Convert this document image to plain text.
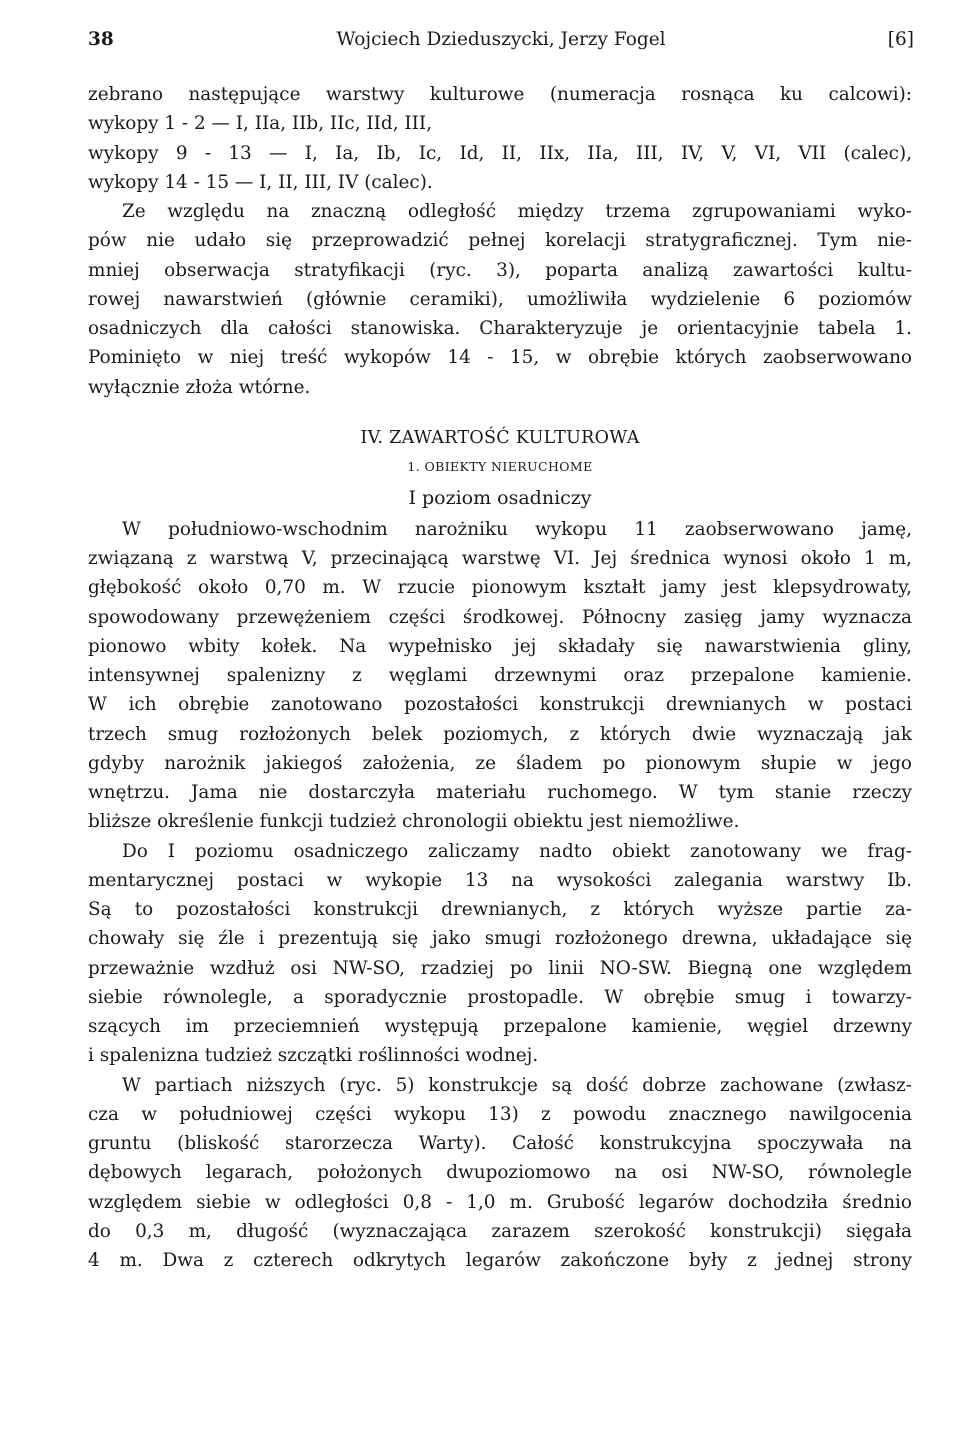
38	Wojciech Dzieduszycki, Jerzy Fogel	[6]
zebrano następujące warstwy kulturowe (numeracja rosnąca ku calcowi):
wykopy 1 - 2 — I, IIa, IIb, IIc, IId, III,
wykopy 9 - 13 — I, Ia, Ib, Ic, Id, II, IIx, IIa, III, IV, V, VI, VII (calec),
wykopy 14 - 15 — I, II, III, IV (calec).
Ze względu na znaczną odległość między trzema zgrupowaniami wyko-
pów nie udało się przeprowadzić pełnej korelacji stratygraficznej. Tym nie-
mniej obserwacja stratyfikacji (ryc. 3), poparta analizą zawartości kultu-
rowej nawarstwień (głównie ceramiki), umożliwiła wydzielenie 6 poziomów
osadniczych dla całości stanowiska. Charakteryzuje je orientacyjnie tabela 1.
Pominięto w niej treść wykopów 14 - 15, w obrębie których zaobserwowano
wyłącznie złoża wtórne.
IV. ZAWARTOŚĆ KULTUROWA
1. OBIEKTY NIERUCHOME
I poziom osadniczy
W południowo-wschodnim narożniku wykopu 11 zaobserwowano jamę,
związaną z warstwą V, przecinającą warstwę VI. Jej średnica wynosi około 1 m,
głębokość około 0,70 m. W rzucie pionowym kształt jamy jest klepsydrowaty,
spowodowany przewężeniem części środkowej. Północny zasięg jamy wyznacza
pionowo wbity kołek. Na wypełnisko jej składały się nawarstwienia gliny,
intensywnej spalenizny z węglami drzewnymi oraz przepalone kamienie.
W ich obrębie zanotowano pozostałości konstrukcji drewnianych w postaci
trzech smug rozłożonych belek poziomych, z których dwie wyznaczają jak
gdyby narożnik jakiegoś założenia, ze śladem po pionowym słupie w jego
wnętrzu. Jama nie dostarczyła materiału ruchomego. W tym stanie rzeczy
bliższe określenie funkcji tudzież chronologii obiektu jest niemożliwe.
Do I poziomu osadniczego zaliczamy nadto obiekt zanotowany we frag-
mentarycznej postaci w wykopie 13 na wysokości zalegania warstwy Ib.
Są to pozostałości konstrukcji drewnianych, z których wyższe partie za-
chowały się źle i prezentują się jako smugi rozłożonego drewna, układające się
przeważnie wzdłuż osi NW-SO, rzadziej po linii NO-SW. Biegną one względem
siebie równolegle, a sporadycznie prostopadle. W obrębie smug i towarzy-
szących im przeciemnień występują przepalone kamienie, węgiel drzewny
i spalenizna tudzież szczątki roślinności wodnej.
W partiach niższych (ryc. 5) konstrukcje są dość dobrze zachowane (zwłasz-
cza w południowej części wykopu 13) z powodu znacznego nawilgocenia
gruntu (bliskość starorzecza Warty). Całość konstrukcyjna spoczywała na
dębowych legarach, położonych dwupoziomowo na osi NW-SO, równolegle
względem siebie w odległości 0,8 - 1,0 m. Grubość legarów dochodziła średnio
do 0,3 m, długość (wyznaczająca zarazem szerokość konstrukcji) sięgała
4 m. Dwa z czterech odkrytych legarów zakończone były z jednej strony
